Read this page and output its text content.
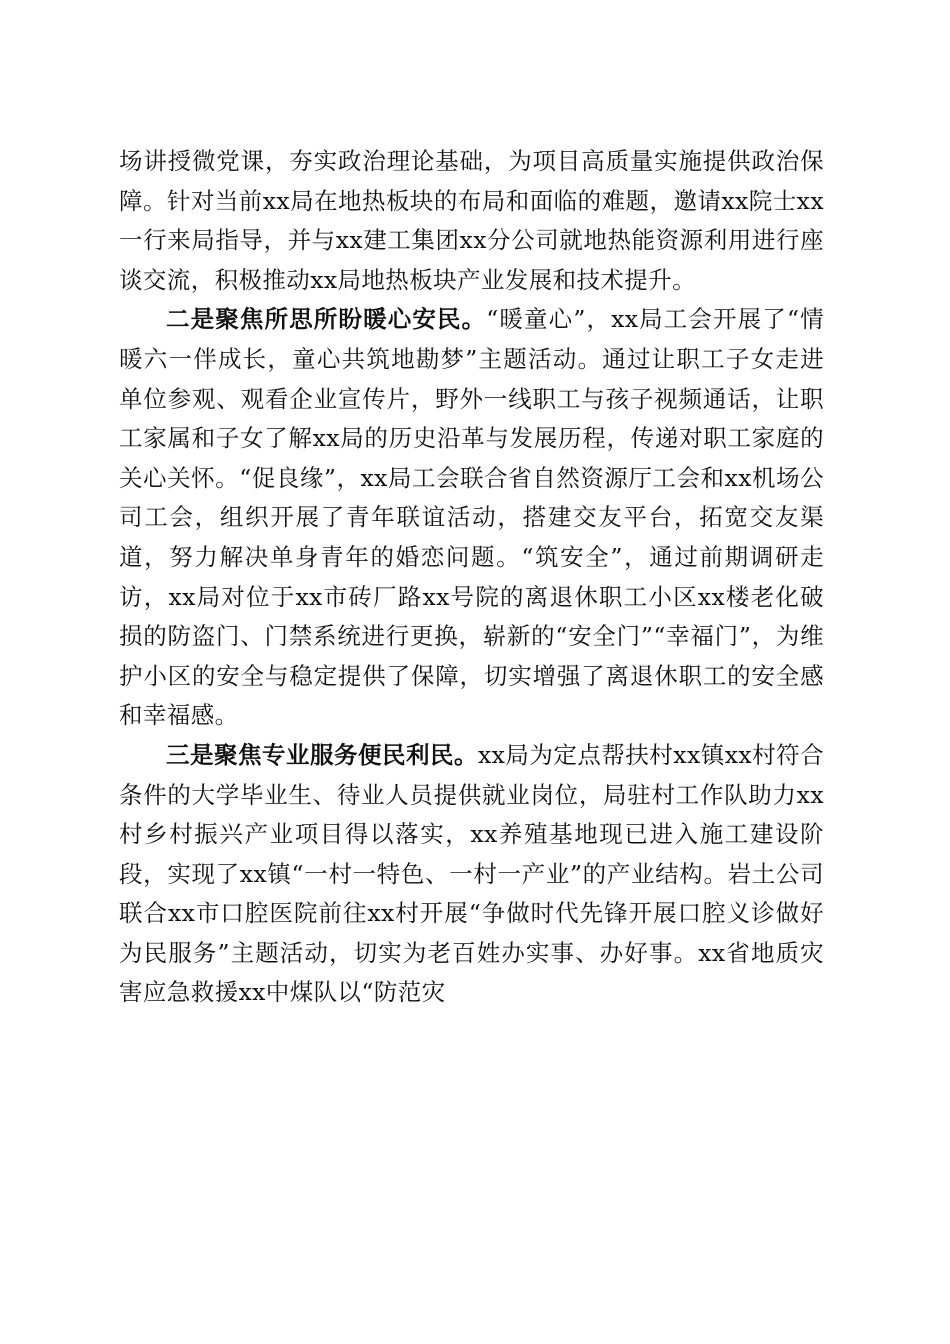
场讲授微党课，夯实政治理论基础，为项目高质量实施提供政治保障。针对当前xx局在地热板块的布局和面临的难题，邀请xx院士xx一行来局指导，并与xx建工集团xx分公司就地热能资源利用进行座谈交流，积极推动xx局地热板块产业发展和技术提升。

二是聚焦所思所盼暖心安民。“暖童心”，xx局工会开展了“情暖六一伴成长，童心共筑地勘梦”主题活动。通过让职工子女走进单位参观、观看企业宣传片，野外一线职工与孩子视频通话，让职工家属和子女了解xx局的历史沿革与发展历程，传递对职工家庭的关心关怀。“促良缘”，xx局工会联合省自然资源厅工会和xx机场公司工会，组织开展了青年联谊活动，搭建交友平台，拓宽交友渠道，努力解决单身青年的婚恋问题。“筑安全”，通过前期调研走访，xx局对位于xx市砖厂路xx号院的离退休职工小区xx楼老化破损的防盗门、门禁系统进行更换，崭新的“安全门”“幸福门”，为维护小区的安全与稳定提供了保障，切实增强了离退休职工的安全感和幸福感。

三是聚焦专业服务便民利民。xx局为定点帮扶村xx镇xx村符合条件的大学毕业生、待业人员提供就业岗位，局驻村工作队助力xx村乡村振兴产业项目得以落实，xx养殖基地现已进入施工建设阶段，实现了xx镇“一村一特色、一村一产业”的产业结构。岩土公司联合xx市口腔医院前往xx村开展“争做时代先锋开展口腔义诊做好为民服务”主题活动，切实为老百姓办实事、办好事。xx省地质灾害应急救援xx中煤队以“防范灾
